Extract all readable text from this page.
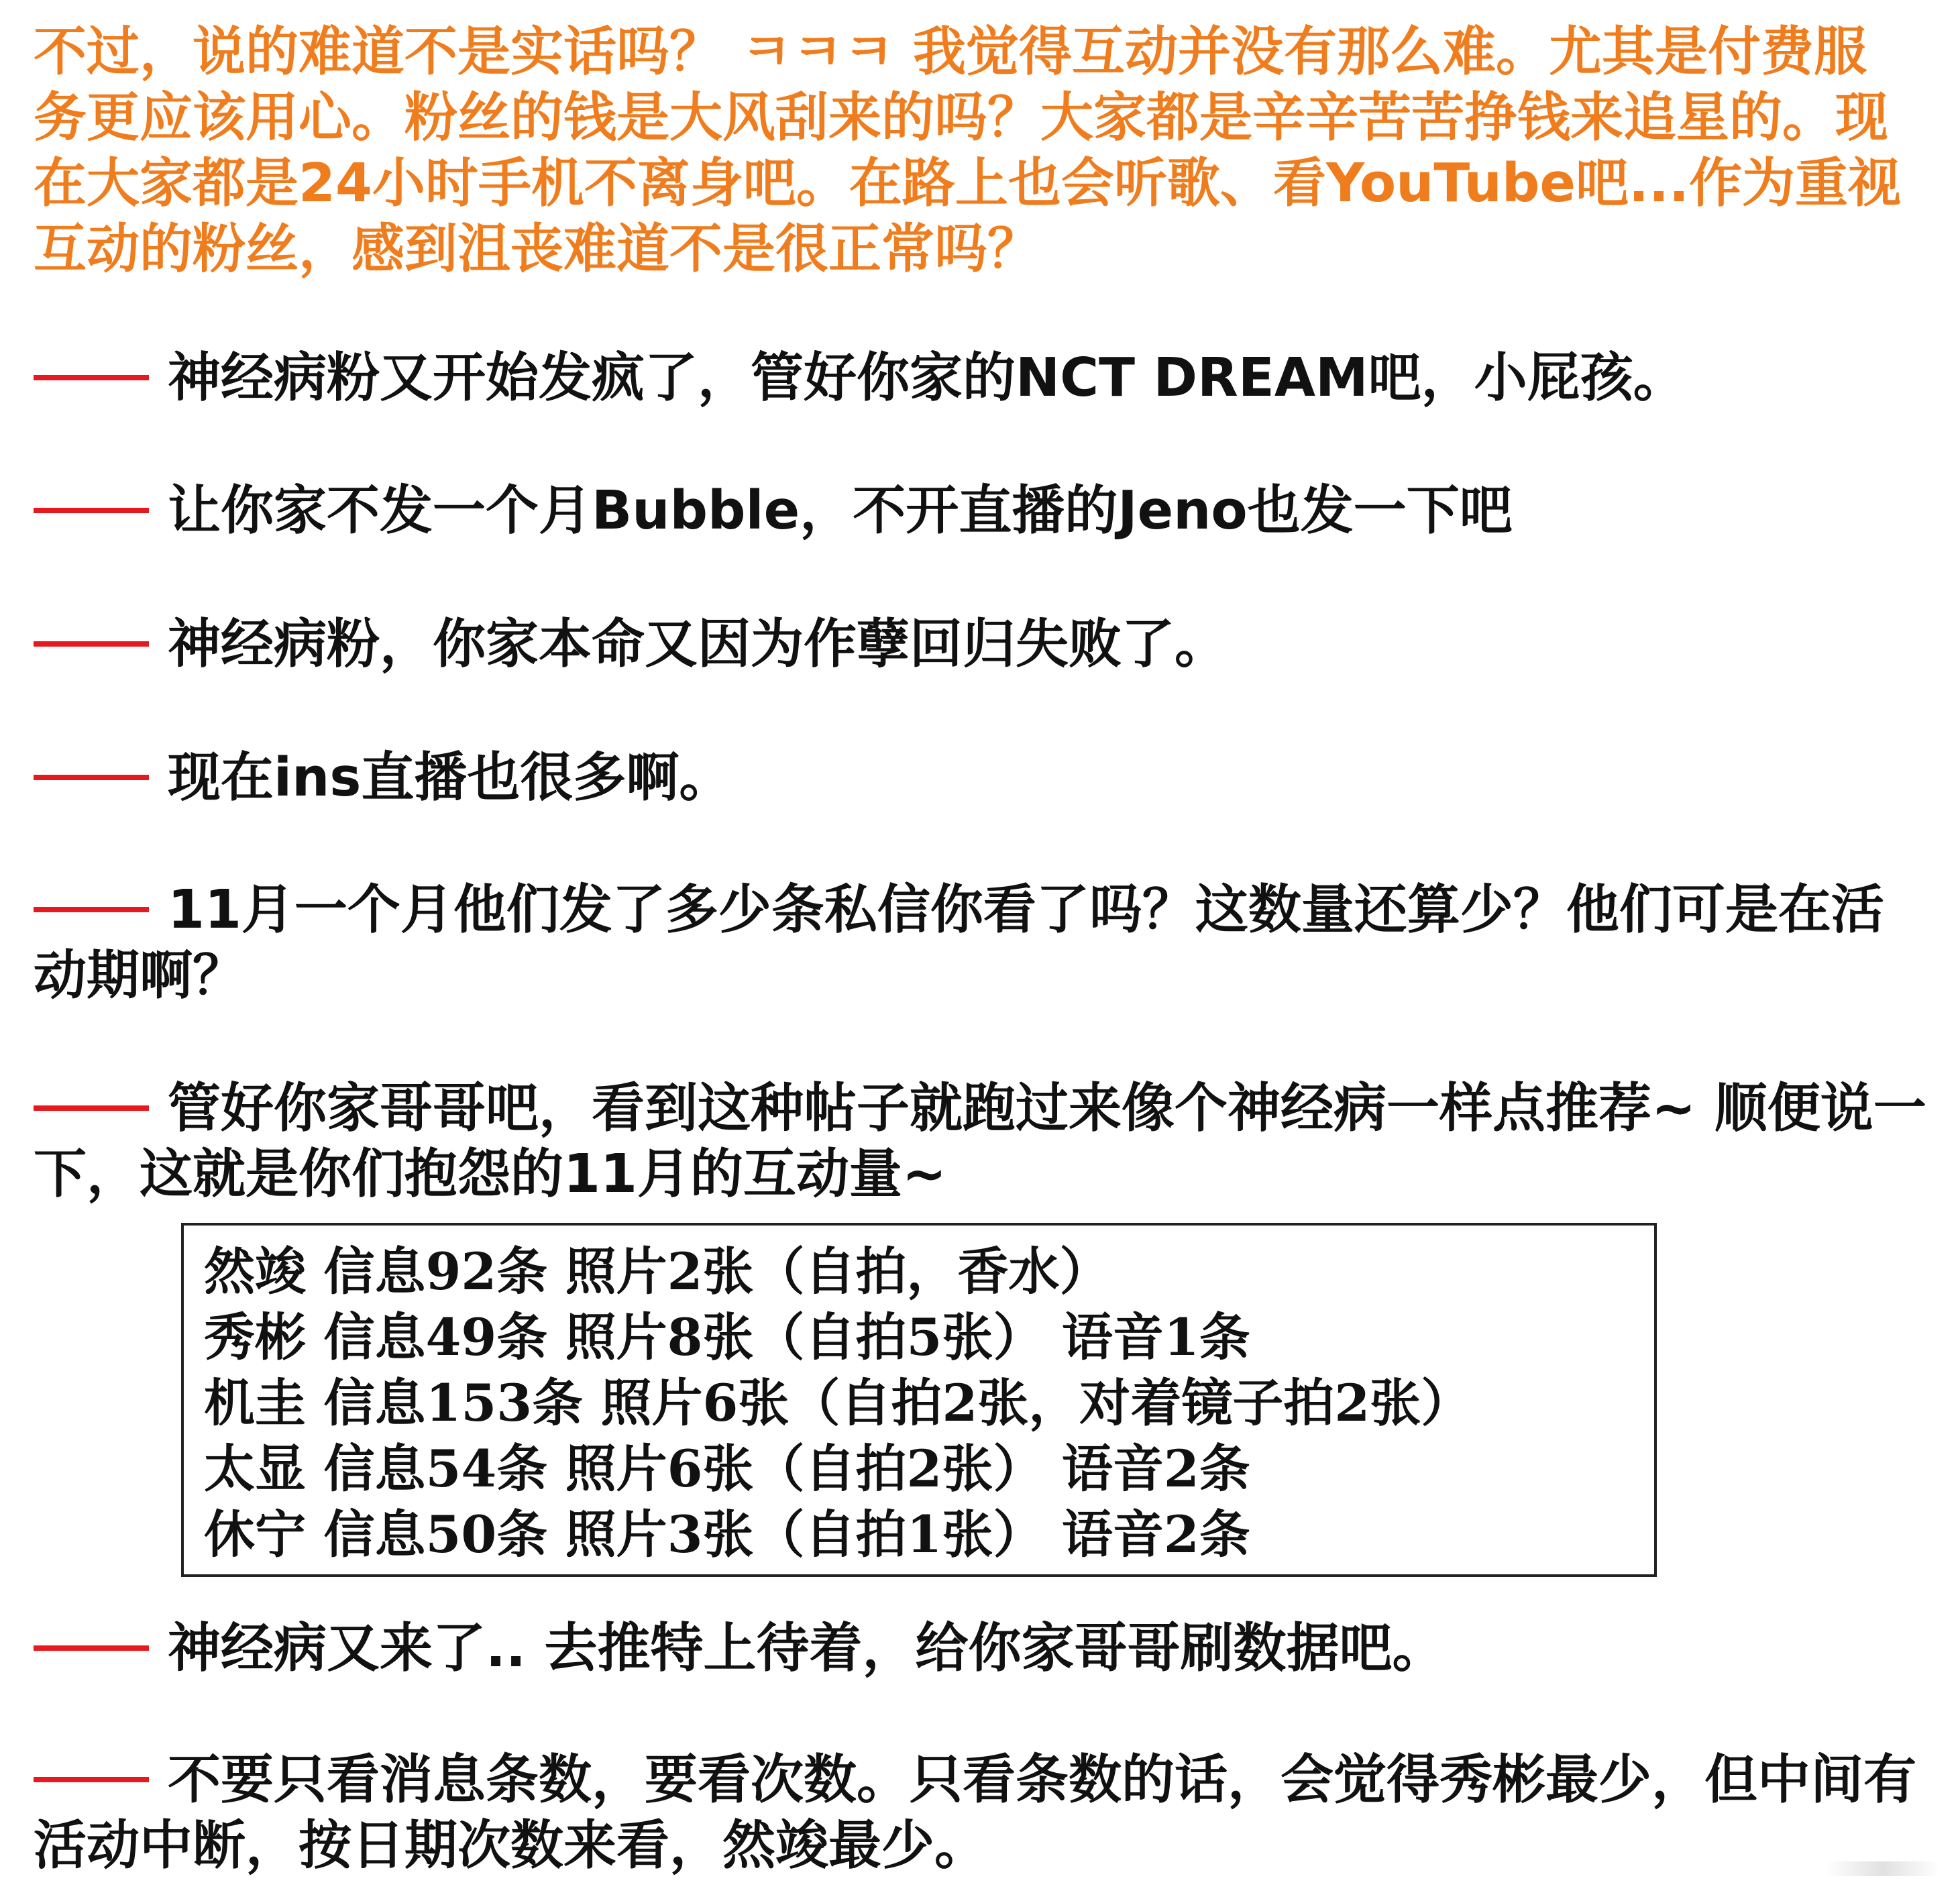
不过，说的难道不是实话吗？ ㅋㅋㅋ 我觉得互动并没有那么难。尤其是付费服务更应该用心。粉丝的钱是大风刮来的吗？大家都是辛辛苦苦挣钱来追星的。现在大家都是24小时手机不离身吧。在路上也会听歌、看YouTube吧...作为重视互动的粉丝，感到沮丧难道不是很正常吗？

神经病粉又开始发疯了，管好你家的NCT DREAM吧，小屁孩。

让你家不发一个月Bubble，不开直播的Jeno也发一下吧

神经病粉，你家本命又因为作孽回归失败了。

现在ins直播也很多啊。

11月一个月他们发了多少条私信你看了吗？这数量还算少？他们可是在活动期啊？

管好你家哥哥吧，看到这种帖子就跑过来像个神经病一样点推荐~ 顺便说一下，这就是你们抱怨的11月的互动量~

然竣 信息92条 照片2张（自拍，香水）

秀彬 信息49条 照片8张（自拍5张） 语音1条

机圭 信息153条 照片6张（自拍2张，对着镜子拍2张）

太显 信息54条 照片6张（自拍2张） 语音2条

休宁 信息50条 照片3张（自拍1张） 语音2条

神经病又来了.. 去推特上待着，给你家哥哥刷数据吧。

不要只看消息条数，要看次数。只看条数的话，会觉得秀彬最少，但中间有活动中断，按日期次数来看，然竣最少。
